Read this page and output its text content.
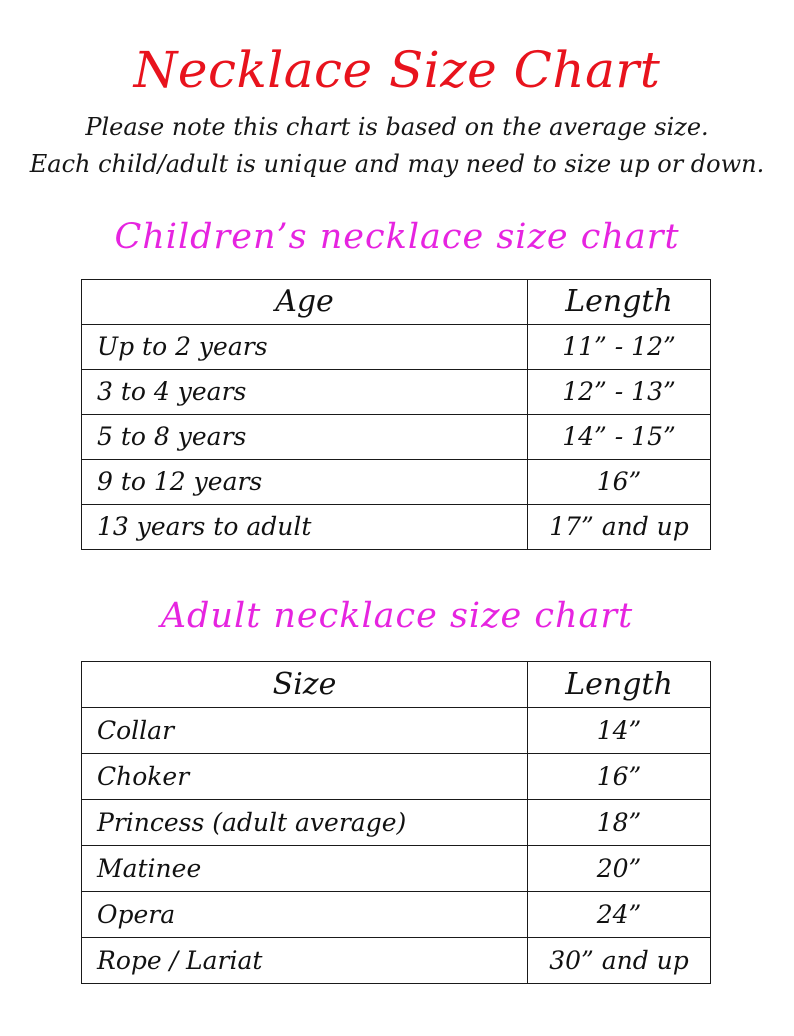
Necklace Size Chart
Please note this chart is based on the average size.
Each child/adult is unique and may need to size up or down.
Children’s necklace size chart
Age	Length
Up to 2 years	11” - 12”
3 to 4 years	12” - 13”
5 to 8 years	14” - 15”
9 to 12 years	16”
13 years to adult	17” and up
Adult necklace size chart
Size	Length
Collar	14”
Choker	16”
Princess (adult average)	18”
Matinee	20”
Opera	24”
Rope / Lariat	30” and up
